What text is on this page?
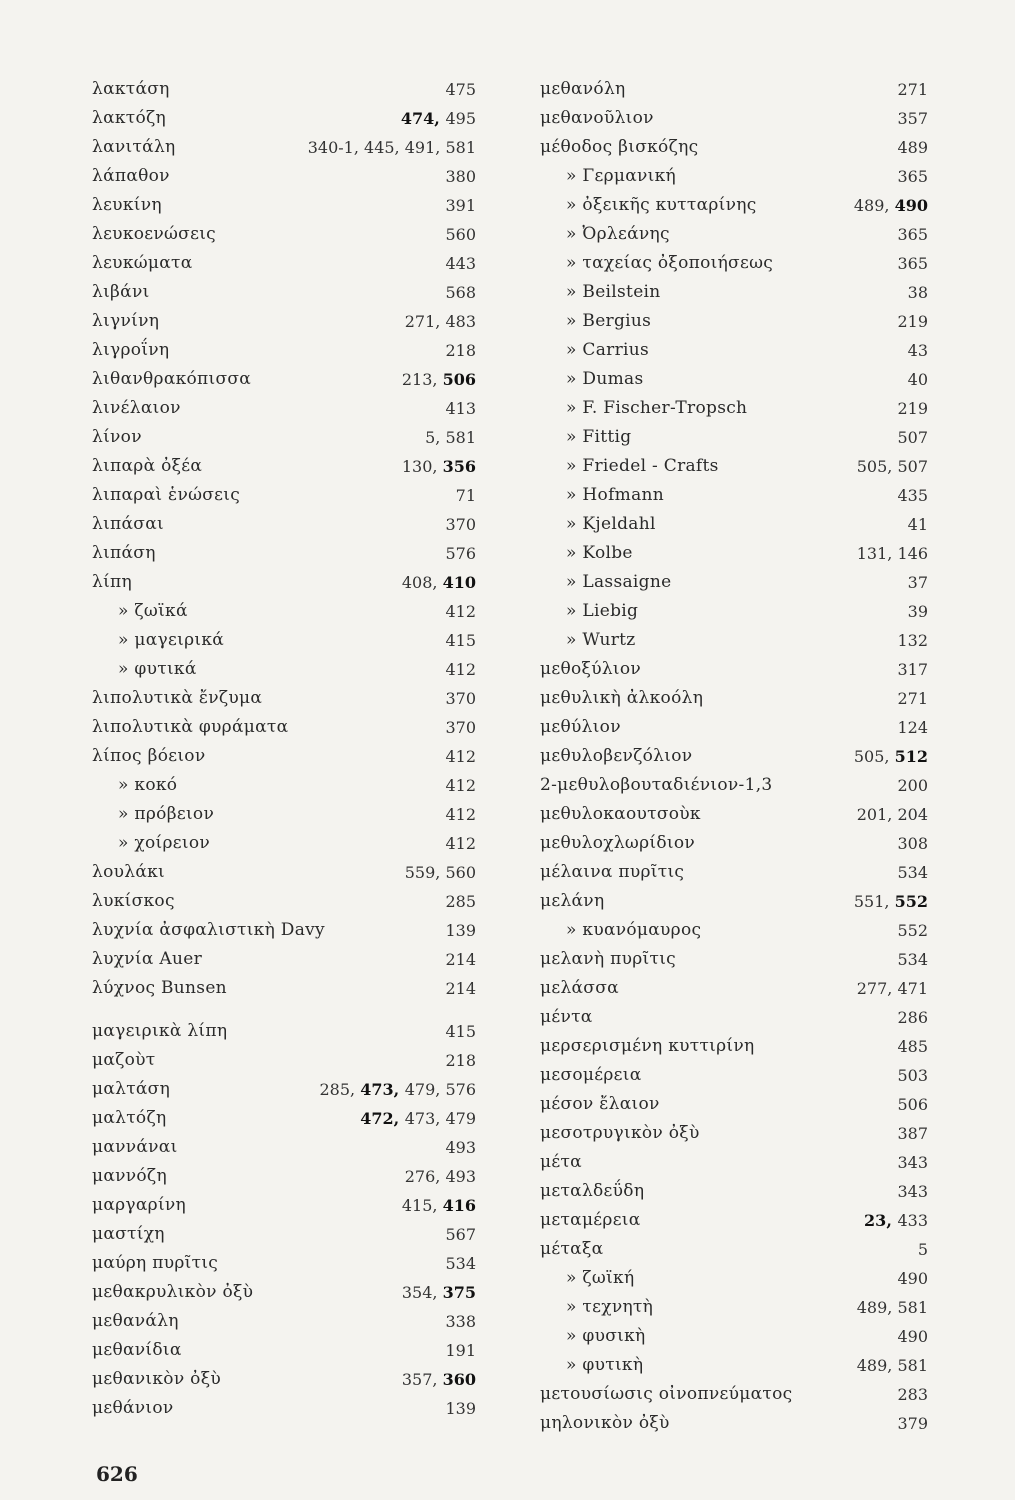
λακτάση	475
λακτόζη	474, 495
λανιτάλη	340-1, 445, 491, 581
λάπαθον	380
λευκίνη	391
λευκοενώσεις	560
λευκώματα	443
λιβάνι	568
λιγνίνη	271, 483
λιγροΐνη	218
λιθανθρακόπισσα	213, 506
λινέλαιον	413
λίνον	5, 581
λιπαρὰ ὀξέα	130, 356
λιπαραὶ ἑνώσεις	71
λιπάσαι	370
λιπάση	576
λίπη	408, 410
» ζωϊκά	412
» μαγειρικά	415
» φυτικά	412
λιπολυτικὰ ἔνζυμα	370
λιπολυτικὰ φυράματα	370
λίπος βόειον	412
» κοκό	412
» πρόβειον	412
» χοίρειον	412
λουλάκι	559, 560
λυκίσκος	285
λυχνία ἀσφαλιστικὴ Davy	139
λυχνία Auer	214
λύχνος Bunsen	214
μαγειρικὰ λίπη	415
μαζοὺτ	218
μαλτάση	285, 473, 479, 576
μαλτόζη	472, 473, 479
μαννάναι	493
μαννόζη	276, 493
μαργαρίνη	415, 416
μαστίχη	567
μαύρη πυρῖτις	534
μεθακρυλικὸν ὀξὺ	354, 375
μεθανάλη	338
μεθανίδια	191
μεθανικὸν ὀξὺ	357, 360
μεθάνιον	139
μεθανόλη	271
μεθανοῦλιον	357
μέθοδος βισκόζης	489
» Γερμανική	365
» ὀξεικῆς κυτταρίνης	489, 490
» Ὀρλεάνης	365
» ταχείας ὀξοποιήσεως	365
» Beilstein	38
» Bergius	219
» Carrius	43
» Dumas	40
» F. Fischer-Tropsch	219
» Fittig	507
» Friedel - Crafts	505, 507
» Hofmann	435
» Kjeldahl	41
» Kolbe	131, 146
» Lassaigne	37
» Liebig	39
» Wurtz	132
μεθοξύλιον	317
μεθυλικὴ ἀλκοόλη	271
μεθύλιον	124
μεθυλοβενζόλιον	505, 512
2-μεθυλοβουταδιένιον-1,3	200
μεθυλοκαουτσοὺκ	201, 204
μεθυλοχλωρίδιον	308
μέλαινα πυρῖτις	534
μελάνη	551, 552
» κυανόμαυρος	552
μελανὴ πυρῖτις	534
μελάσσα	277, 471
μέντα	286
μερσερισμένη κυττιρίνη	485
μεσομέρεια	503
μέσον ἔλαιον	506
μεσοτρυγικὸν ὀξὺ	387
μέτα	343
μεταλδεΰδη	343
μεταμέρεια	23, 433
μέταξα	5
» ζωϊκή	490
» τεχνητὴ	489, 581
» φυσικὴ	490
» φυτικὴ	489, 581
μετουσίωσις οἰνοπνεύματος	283
μηλονικὸν ὀξὺ	379
626
